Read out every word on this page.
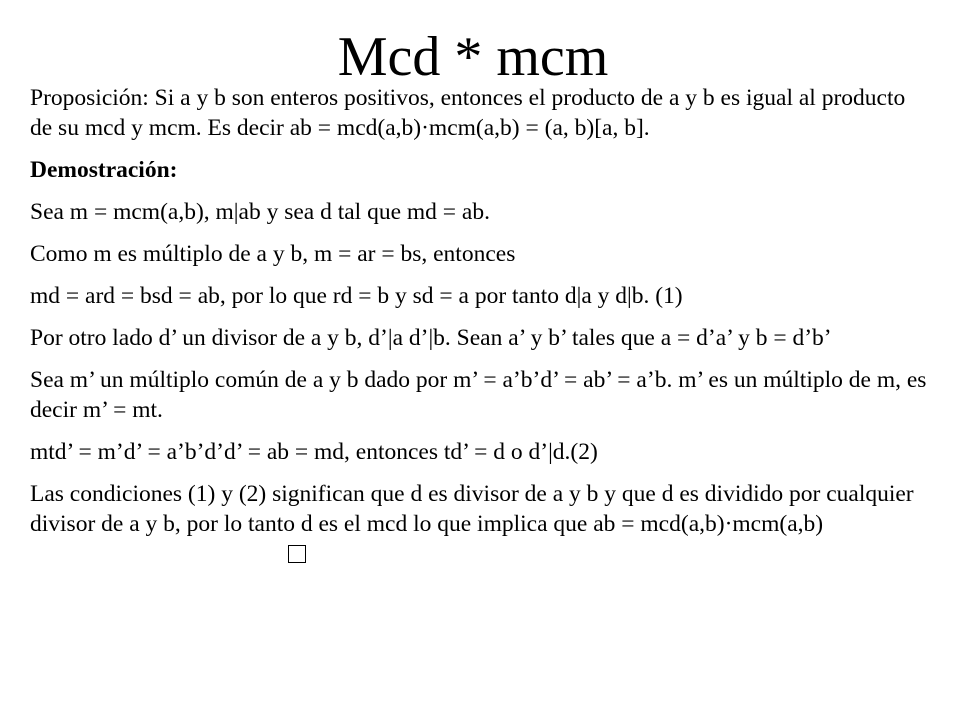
Mcd * mcm

Proposición: Si a y b son enteros positivos, entonces el producto de a y b es igual al producto de su mcd y mcm. Es decir ab = mcd(a,b)·mcm(a,b) = (a, b)[a, b].

Demostración:

Sea m = mcm(a,b), m|ab y sea d tal que md = ab.

Como m es múltiplo de a y b, m = ar = bs, entonces

md = ard = bsd = ab, por lo que rd = b y sd = a por tanto d|a y d|b. (1)

Por otro lado d’ un divisor de a y b, d’|a d’|b. Sean a’ y b’ tales que a = d’a’ y b = d’b’

Sea m’ un múltiplo común de a y b dado por m’ = a’b’d’ = ab’ = a’b. m’ es un múltiplo de m, es decir m’ = mt.

mtd’ = m’d’ = a’b’d’d’ = ab = md, entonces td’ = d o d’|d.(2)

Las condiciones (1) y (2) significan que d es divisor de a y b y que d es dividido por cualquier divisor de a y b, por lo tanto d es el mcd lo que implica que ab = mcd(a,b)·mcm(a,b)
